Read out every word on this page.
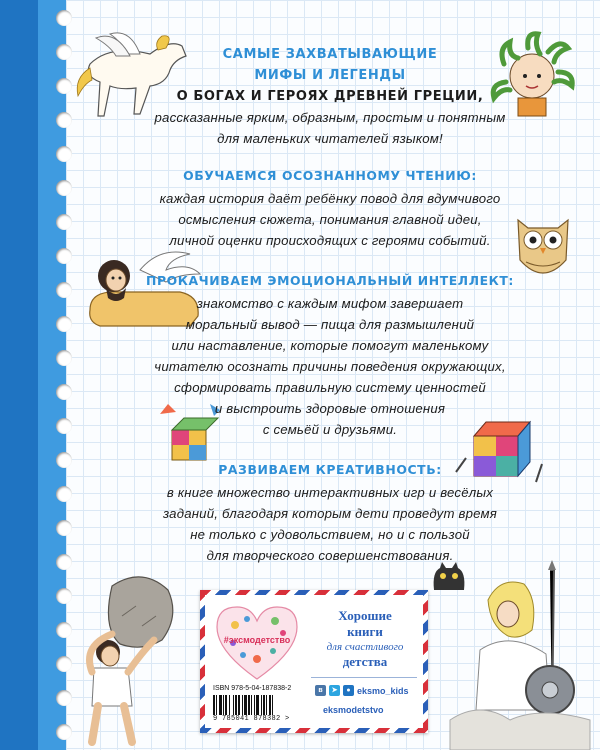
САМЫЕ ЗАХВАТЫВАЮЩИЕ
МИФЫ И ЛЕГЕНДЫ
О БОГАХ И ГЕРОЯХ ДРЕВНЕЙ ГРЕЦИИ,
рассказанные ярким, образным, простым и понятным
для маленьких читателей языком!
ОБУЧАЕМСЯ ОСОЗНАННОМУ ЧТЕНИЮ:
каждая история даёт ребёнку повод для вдумчивого
осмысления сюжета, понимания главной идеи,
личной оценки происходящих с героями событий.
ПРОКАЧИВАЕМ ЭМОЦИОНАЛЬНЫЙ ИНТЕЛЛЕКТ:
знакомство с каждым мифом завершает
моральный вывод — пища для размышлений
или наставление, которые помогут маленькому
читателю осознать причины поведения окружающих,
сформировать правильную систему ценностей
и выстроить здоровые отношения
с семьёй и друзьями.
РАЗВИВАЕМ КРЕАТИВНОСТЬ:
в книге множество интерактивных игр и весёлых
заданий, благодаря которым дети проведут время
не только с удовольствием, но и с пользой
для творческого совершенствования.
#эксмодетство
Хорошие
книги
для счастливого
детства
ISBN 978-5-04-187838-2
9 785041 878382 >
в	➤	● eksmo_kids
eksmodetstvo
